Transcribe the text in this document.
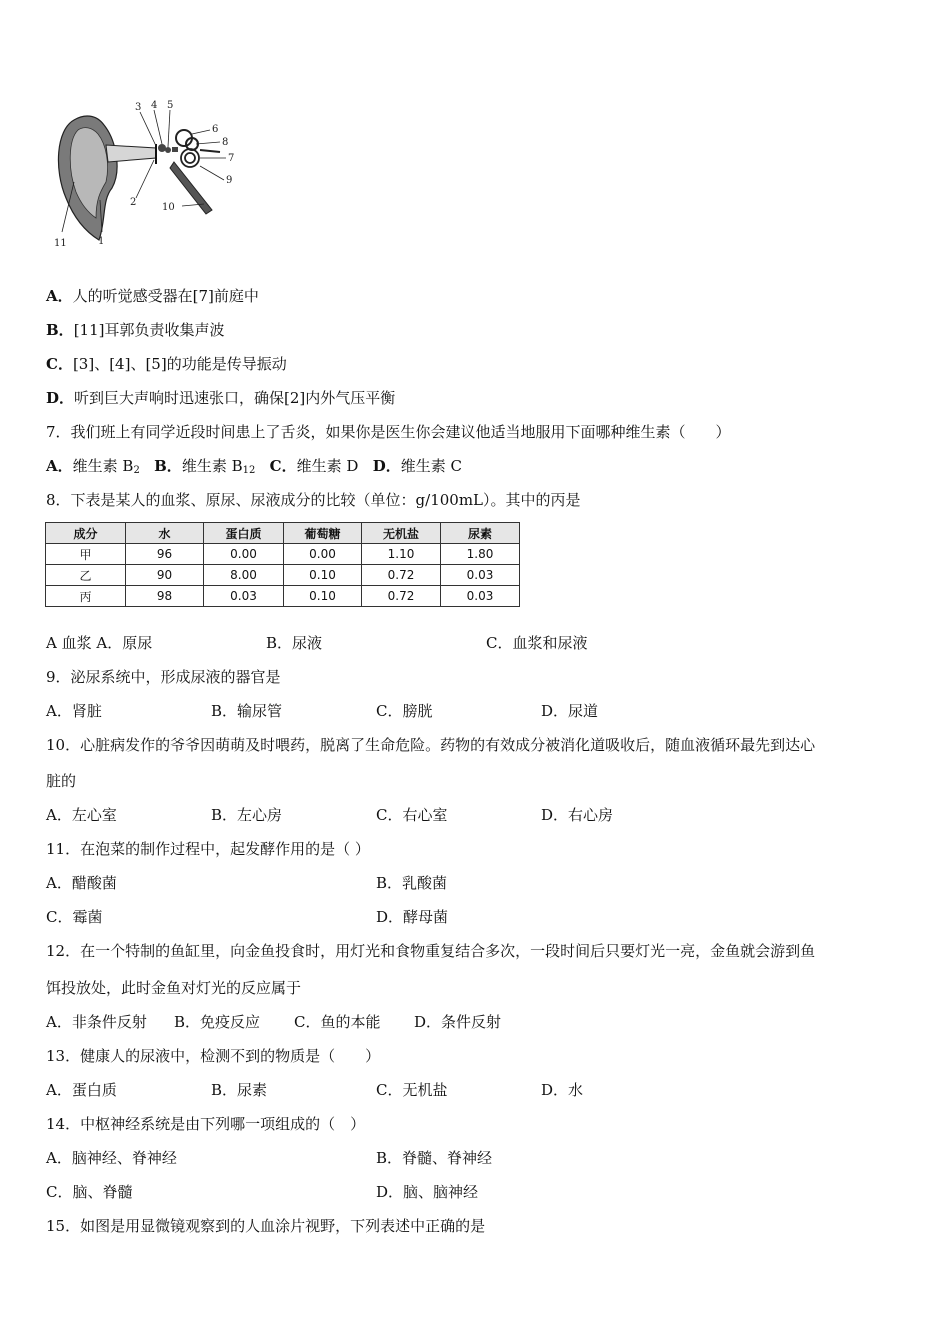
3 4 5
6
8
7
9
10
2
1
11
A．人的听觉感受器在[7]前庭中
B．[11]耳郭负责收集声波
C．[3]、[4]、[5]的功能是传导振动
D．听到巨大声响时迅速张口，确保[2]内外气压平衡
7．我们班上有同学近段时间患上了舌炎，如果你是医生你会建议他适当地服用下面哪种维生素（　　）
A．维生素 $B_2$ B．维生素 $B_{12}$ C．维生素 D D．维生素 C
8．下表是某人的血浆、原尿、尿液成分的比较（单位：g/100mL）。其中的丙是
成分	水	蛋白质	葡萄糖	无机盐	尿素
甲	96	0.00	0.00	1.10	1.80
乙	90	8.00	0.10	0.72	0.03
丙	98	0.03	0.10	0.72	0.03
A 血浆 A．原尿	B．尿液	C．血浆和尿液
9．泌尿系统中，形成尿液的器官是
A．肾脏	B．输尿管	C．膀胱	D．尿道
10．心脏病发作的爷爷因萌萌及时喂药，脱离了生命危险。药物的有效成分被消化道吸收后，随血液循环最先到达心
脏的
A．左心室	B．左心房	C．右心室	D．右心房
11．在泡菜的制作过程中，起发酵作用的是（ ）
A．醋酸菌	B．乳酸菌
C．霉菌	D．酵母菌
12．在一个特制的鱼缸里，向金鱼投食时，用灯光和食物重复结合多次，一段时间后只要灯光一亮，金鱼就会游到鱼
饵投放处，此时金鱼对灯光的反应属于
A．非条件反射 B．免疫反应 C．鱼的本能 D．条件反射
13．健康人的尿液中，检测不到的物质是（　　）
A．蛋白质	B．尿素	C．无机盐	D．水
14．中枢神经系统是由下列哪一项组成的（　）
A．脑神经、脊神经	B．脊髓、脊神经
C．脑、脊髓	D．脑、脑神经
15．如图是用显微镜观察到的人血涂片视野，下列表述中正确的是
